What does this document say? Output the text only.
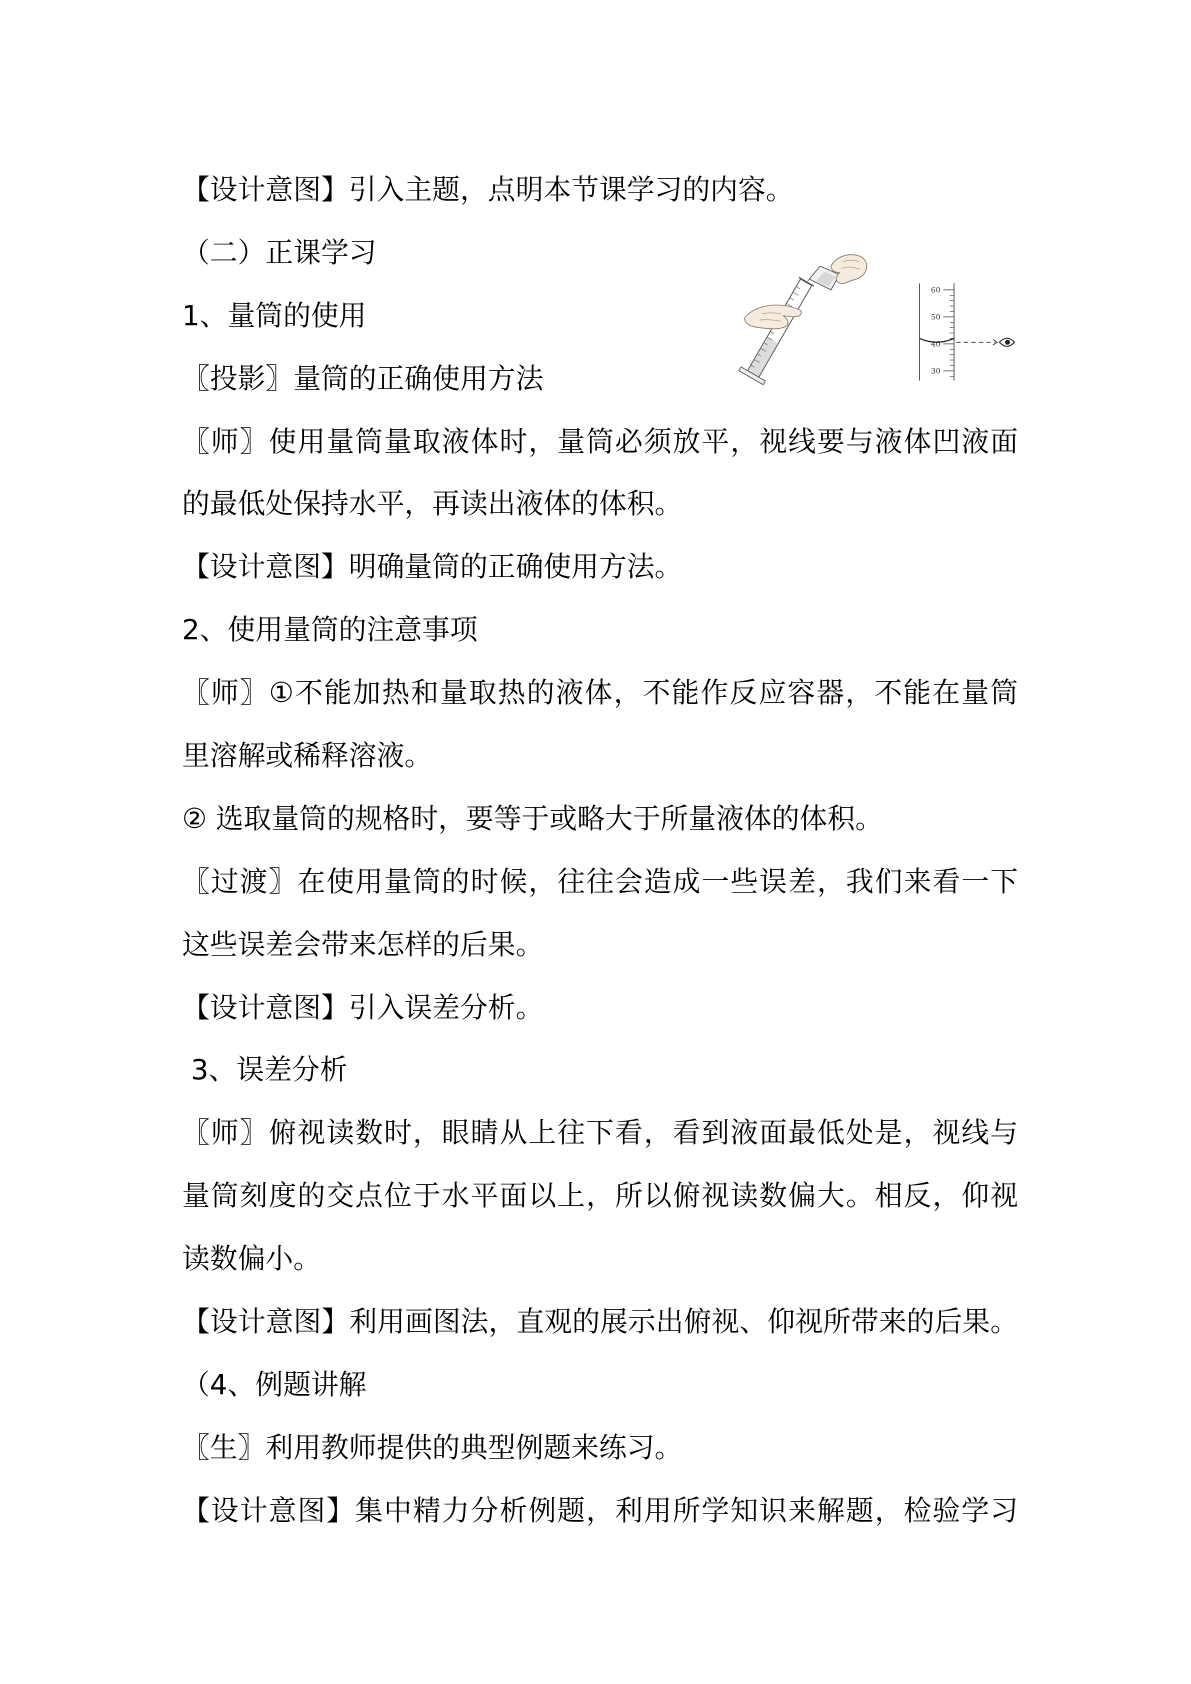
【设计意图】引入主题，点明本节课学习的内容。
（二）正课学习
1、量筒的使用
〖投影〗量筒的正确使用方法
〖师〗使用量筒量取液体时，量筒必须放平，视线要与液体凹液面
的最低处保持水平，再读出液体的体积。
【设计意图】明确量筒的正确使用方法。
2、使用量筒的注意事项
〖师〗①不能加热和量取热的液体，不能作反应容器，不能在量筒
里溶解或稀释溶液。
② 选取量筒的规格时，要等于或略大于所量液体的体积。
〖过渡〗在使用量筒的时候，往往会造成一些误差，我们来看一下
这些误差会带来怎样的后果。
【设计意图】引入误差分析。
3、误差分析
〖师〗俯视读数时，眼睛从上往下看，看到液面最低处是，视线与
量筒刻度的交点位于水平面以上，所以俯视读数偏大。相反，仰视
读数偏小。
【设计意图】利用画图法，直观的展示出俯视、仰视所带来的后果。
（4、例题讲解
〖生〗利用教师提供的典型例题来练习。
【设计意图】集中精力分析例题，利用所学知识来解题，检验学习
60
50
40
30
